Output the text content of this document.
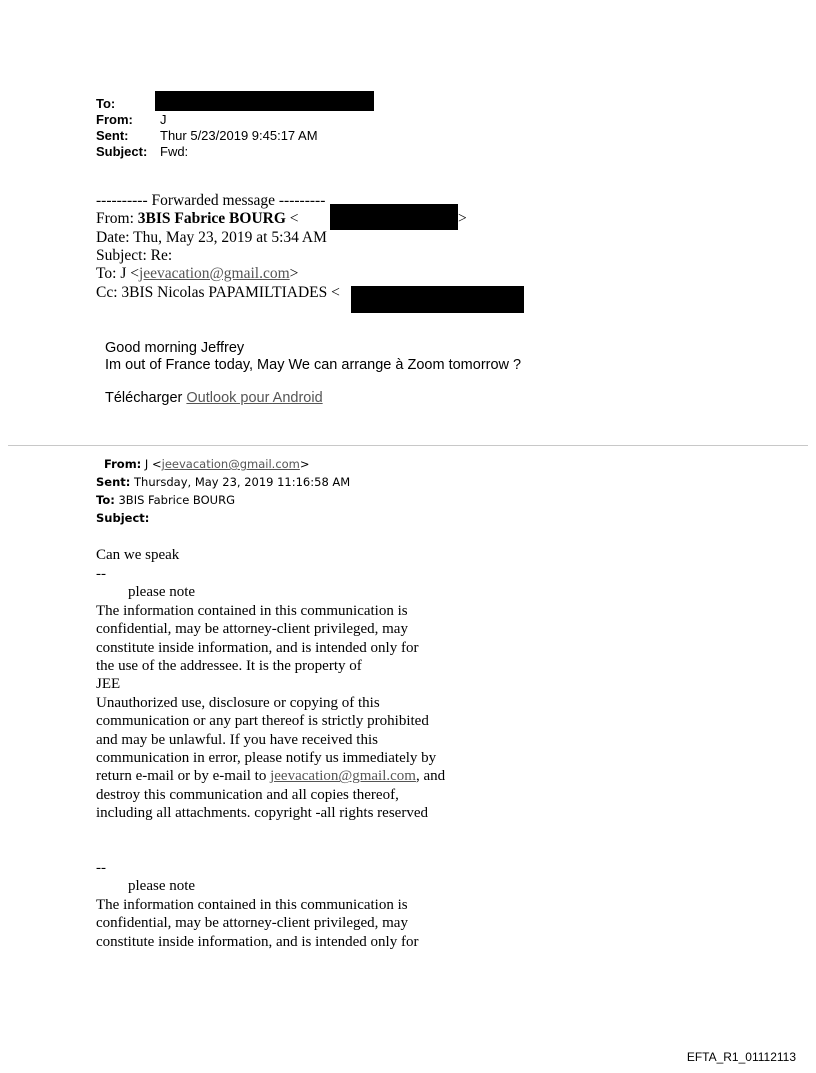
To:
From: J
Sent: Thur 5/23/2019 9:45:17 AM
Subject: Fwd:
---------- Forwarded message ---------
From: 3BIS Fabrice BOURG <	>
Date: Thu, May 23, 2019 at 5:34 AM
Subject: Re:
To: J <jeevacation@gmail.com>
Cc: 3BIS Nicolas PAPAMILTIADES <
Good morning Jeffrey
Im out of France today, May We can arrange à Zoom tomorrow ?
Télécharger Outlook pour Android
From: J <jeevacation@gmail.com>
Sent: Thursday, May 23, 2019 11:16:58 AM
To: 3BIS Fabrice BOURG
Subject:
Can we speak
--
please note
The information contained in this communication is
confidential, may be attorney-client privileged, may
constitute inside information, and is intended only for
the use of the addressee. It is the property of
JEE
Unauthorized use, disclosure or copying of this
communication or any part thereof is strictly prohibited
and may be unlawful. If you have received this
communication in error, please notify us immediately by
return e-mail or by e-mail to jeevacation@gmail.com, and
destroy this communication and all copies thereof,
including all attachments. copyright -all rights reserved
--
please note
The information contained in this communication is
confidential, may be attorney-client privileged, may
constitute inside information, and is intended only for
EFTA_R1_01112113
